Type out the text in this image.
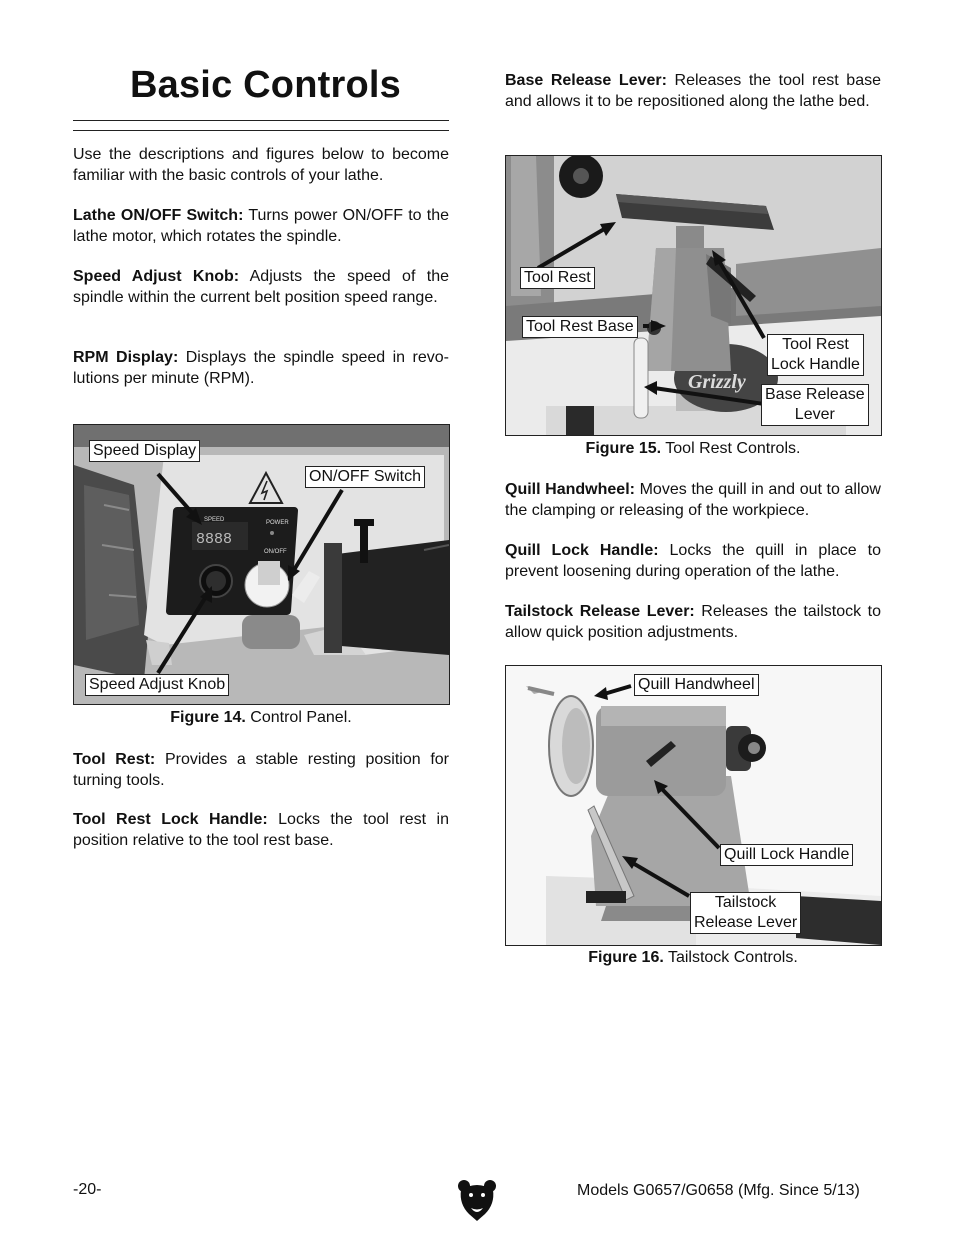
Basic Controls
Use the descriptions and figures below to become familiar with the basic controls of your lathe.
Lathe ON/OFF Switch: Turns power ON/OFF to the lathe motor, which rotates the spindle.
Speed Adjust Knob: Adjusts the speed of the spindle within the current belt position speed range.
RPM Display: Displays the spindle speed in revo-lutions per minute (RPM).
SPEED	POWER
ON/OFF
8888
Speed Display
ON/OFF Switch
Speed Adjust Knob
Figure 14. Control Panel.
Tool Rest: Provides a stable resting position for turning tools.
Tool Rest Lock Handle: Locks the tool rest in position relative to the tool rest base.
Base Release Lever: Releases the tool rest base and allows it to be repositioned along the lathe bed.
Grizzly
Tool Rest
Tool Rest Base
Tool Rest
Lock Handle
Base Release
Lever
Figure 15. Tool Rest Controls.
Quill Handwheel: Moves the quill in and out to allow the clamping or releasing of the workpiece.
Quill Lock Handle: Locks the quill in place to prevent loosening during operation of the lathe.
Tailstock Release Lever: Releases the tailstock to allow quick position adjustments.
Quill Handwheel
Quill Lock Handle
Tailstock
Release Lever
Figure 16. Tailstock Controls.
-20-	Models G0657/G0658 (Mfg. Since 5/13)
